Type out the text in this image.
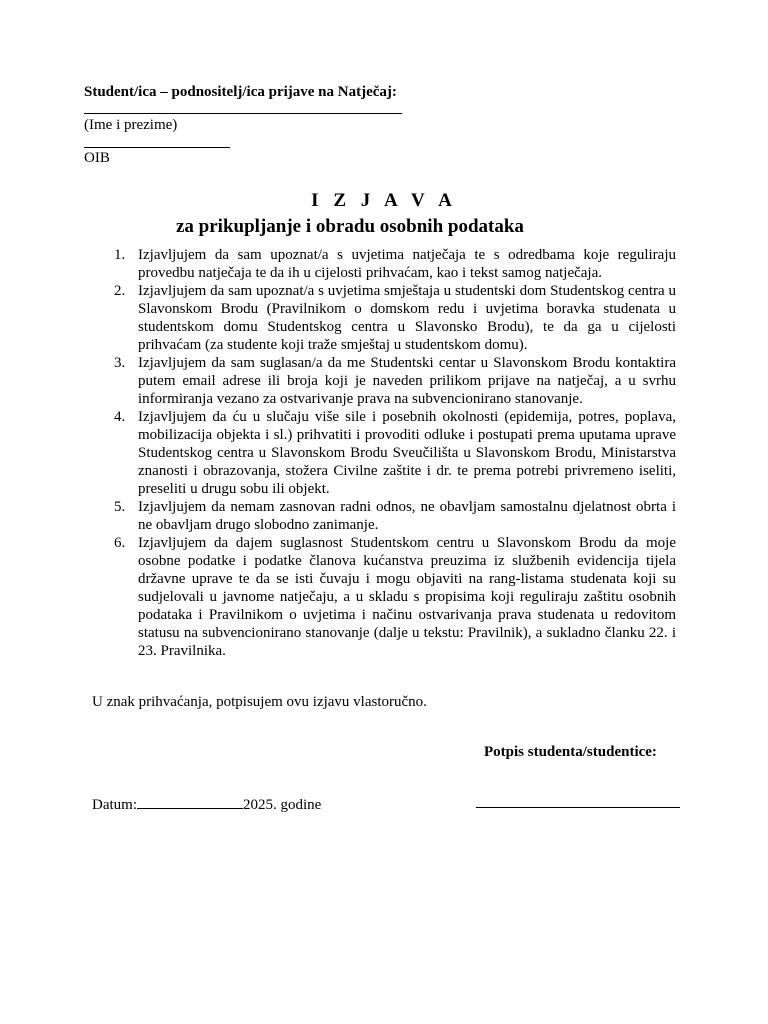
Student/ica – podnositelj/ica prijave na Natječaj:
(Ime i prezime)
OIB
I Z J A V A
za prikupljanje i obradu osobnih podataka
1. Izjavljujem da sam upoznat/a s uvjetima natječaja te s odredbama koje reguliraju provedbu natječaja te da ih u cijelosti prihvaćam, kao i tekst samog natječaja.
2. Izjavljujem da sam upoznat/a s uvjetima smještaja u studentski dom Studentskog centra u Slavonskom Brodu (Pravilnikom o domskom redu i uvjetima boravka studenata u studentskom domu Studentskog centra u Slavonsko Brodu), te da ga u cijelosti prihvaćam (za studente koji traže smještaj u studentskom domu).
3. Izjavljujem da sam suglasan/a da me Studentski centar u Slavonskom Brodu kontaktira putem email adrese ili broja koji je naveden prilikom prijave na natječaj, a u svrhu informiranja vezano za ostvarivanje prava na subvencionirano stanovanje.
4. Izjavljujem da ću u slučaju više sile i posebnih okolnosti (epidemija, potres, poplava, mobilizacija objekta i sl.) prihvatiti i provoditi odluke i postupati prema uputama uprave Studentskog centra u Slavonskom Brodu Sveučilišta u Slavonskom Brodu, Ministarstva znanosti i obrazovanja, stožera Civilne zaštite i dr. te prema potrebi privremeno iseliti, preseliti u drugu sobu ili objekt.
5. Izjavljujem da nemam zasnovan radni odnos, ne obavljam samostalnu djelatnost obrta i ne obavljam drugo slobodno zanimanje.
6. Izjavljujem da dajem suglasnost Studentskom centru u Slavonskom Brodu da moje osobne podatke i podatke članova kućanstva preuzima iz službenih evidencija tijela državne uprave te da se isti čuvaju i mogu objaviti na rang-listama studenata koji su sudjelovali u javnome natječaju, a u skladu s propisima koji reguliraju zaštitu osobnih podataka i Pravilnikom o uvjetima i načinu ostvarivanja prava studenata u redovitom statusu na subvencionirano stanovanje (dalje u tekstu: Pravilnik), a sukladno članku 22. i 23. Pravilnika.
U znak prihvaćanja, potpisujem ovu izjavu vlastoručno.
Potpis studenta/studentice:
Datum:	2025. godine
